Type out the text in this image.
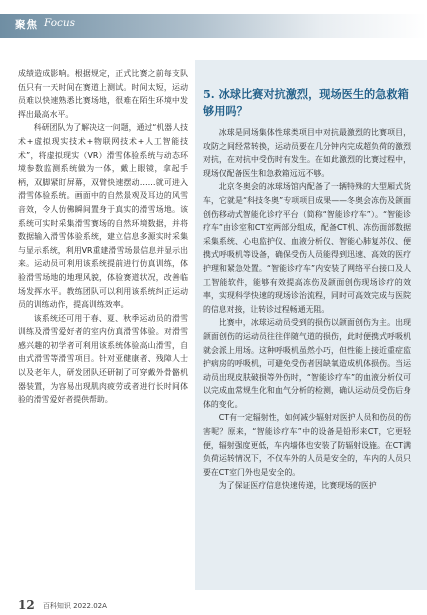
聚焦 Focus

成绩造成影响。根据规定，正式比赛之前每支队伍只有一天时间在赛道上测试。时间太短，运动员难以快速熟悉比赛场地，很难在陌生环境中发挥出最高水平。

科研团队为了解决这一问题，通过“机器人技术+虚拟现实技术+物联网技术+人工智能技术”，将虚拟现实（VR）滑雪体验系统与动态环境参数监测系统做为一体，戴上眼镜，拿起手柄，双脚紧盯屏幕，双臂快速摆动……就可进入滑雪体验系统。画面中的自然景观及耳边的风雪音效，令人仿佛瞬间置身于真实的滑雪场地。该系统可实时采集滑雪赛场的自然环境数据，并将数据输入滑雪体验系统，建立信息多源实时采集与显示系统，利用VR重建滑雪场景信息并显示出来。运动员可利用该系统提前进行仿真训练，体验滑雪场地的地理风貌，体验赛道状况，改善临场发挥水平。教练团队可以利用该系统纠正运动员的训练动作，提高训练效率。

该系统还可用于春、夏、秋季运动员的滑雪训练及滑雪爱好者的室内仿真滑雪体验。对滑雪感兴趣的初学者可利用该系统体验高山滑雪，自由式滑雪等滑雪项目。针对亚健康者、残障人士以及老年人，研发团队还研制了可穿戴外骨骼机器装置，为容易出现肌肉疲劳或者进行长时间体验的滑雪爱好者提供帮助。

5. 冰球比赛对抗激烈，现场医生的急救箱够用吗？

冰球是同场集体性球类项目中对抗最激烈的比赛项目，攻防之间经常转换，运动员要在几分钟内完成超负荷的激烈对抗，在对抗中受伤时有发生。在如此激烈的比赛过程中，现场仅配备医生和急救箱远远不够。

北京冬奥会的冰球场馆内配备了一辆特殊的大型厢式货车，它就是“科技冬奥”专项项目成果——冬奥会冻伤及颌面创伤移动式智能化诊疗平台（简称“智能诊疗车”）。“智能诊疗车”由诊室和CT室两部分组成，配备CT机、冻伤面部数据采集系统、心电监护仪、血液分析仪、智能心肺复苏仪、便携式呼吸机等设备，确保受伤人员能得到迅速、高效的医疗护理和紧急处置。“智能诊疗车”内安装了网络平台接口及人工智能软件，能够有效提高冻伤及颌面创伤现场诊疗的效率，实现科学快速的现场诊治流程，同时可高效完成与医院的信息对接，让转诊过程畅通无阻。

比赛中，冰球运动员受到的损伤以颌面创伤为主。出现颌面创伤的运动员往往伴随气道的损伤，此时便携式呼吸机就会派上用场。这种呼吸机虽然小巧，但性能上接近重症监护病房的呼吸机，可避免受伤者因缺氧造成机体损伤。当运动员出现皮肤破损等外伤时，“智能诊疗车”的血液分析仪可以完成血常规生化和血气分析的检测，确认运动员受伤后身体的变化。

CT有一定辐射性，如何减少辐射对医护人员和伤员的伤害呢？原来，“智能诊疗车”中的设备是铅形来CT，它更轻便，辐射强度更低，车内墙体也安装了防辐射设施。在CT满负荷运转情况下，不仅车外的人员是安全的，车内的人员只要在CT室门外也是安全的。

为了保证医疗信息快速传递，比赛现场的医护

12 百科知识 2022.02A
